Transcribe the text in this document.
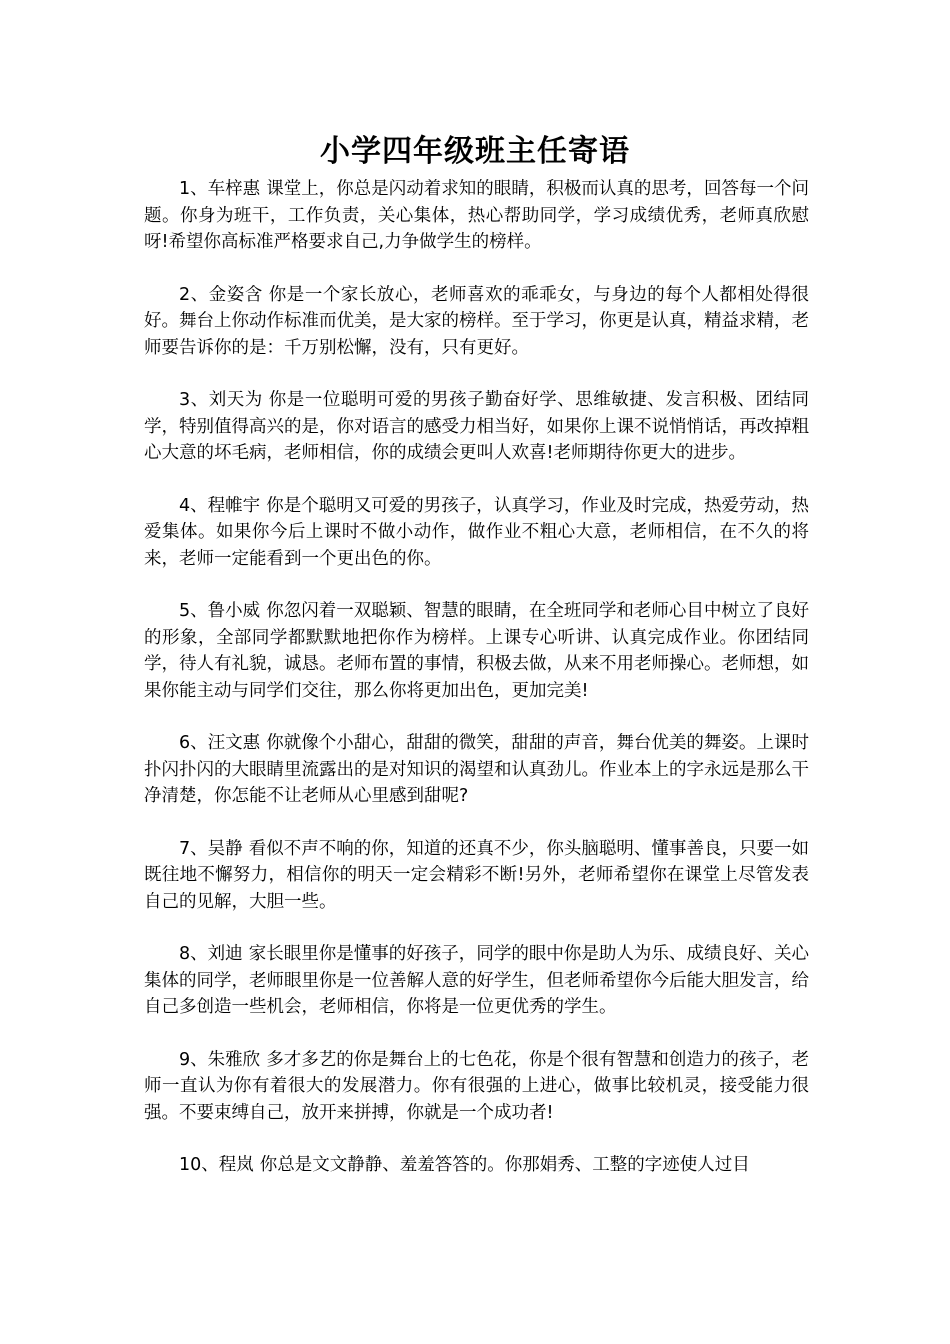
小学四年级班主任寄语

1、车梓惠 课堂上，你总是闪动着求知的眼睛，积极而认真的思考，回答每一个问题。你身为班干，工作负责，关心集体，热心帮助同学，学习成绩优秀，老师真欣慰呀!希望你高标准严格要求自己,力争做学生的榜样。

2、金姿含 你是一个家长放心，老师喜欢的乖乖女，与身边的每个人都相处得很好。舞台上你动作标准而优美，是大家的榜样。至于学习，你更是认真，精益求精，老师要告诉你的是：千万别松懈，没有，只有更好。

3、刘天为 你是一位聪明可爱的男孩子勤奋好学、思维敏捷、发言积极、团结同学，特别值得高兴的是，你对语言的感受力相当好，如果你上课不说悄悄话，再改掉粗心大意的坏毛病，老师相信，你的成绩会更叫人欢喜!老师期待你更大的进步。

4、程帷宇 你是个聪明又可爱的男孩子，认真学习，作业及时完成，热爱劳动，热爱集体。如果你今后上课时不做小动作，做作业不粗心大意，老师相信，在不久的将来，老师一定能看到一个更出色的你。

5、鲁小威 你忽闪着一双聪颖、智慧的眼睛，在全班同学和老师心目中树立了良好的形象，全部同学都默默地把你作为榜样。上课专心听讲、认真完成作业。你团结同学，待人有礼貌，诚恳。老师布置的事情，积极去做，从来不用老师操心。老师想，如果你能主动与同学们交往，那么你将更加出色，更加完美!

6、汪文惠 你就像个小甜心，甜甜的微笑，甜甜的声音，舞台优美的舞姿。上课时扑闪扑闪的大眼睛里流露出的是对知识的渴望和认真劲儿。作业本上的字永远是那么干净清楚，你怎能不让老师从心里感到甜呢?

7、吴静 看似不声不响的你，知道的还真不少，你头脑聪明、懂事善良，只要一如既往地不懈努力，相信你的明天一定会精彩不断!另外，老师希望你在课堂上尽管发表自己的见解，大胆一些。

8、刘迪 家长眼里你是懂事的好孩子，同学的眼中你是助人为乐、成绩良好、关心集体的同学，老师眼里你是一位善解人意的好学生，但老师希望你今后能大胆发言，给自己多创造一些机会，老师相信，你将是一位更优秀的学生。

9、朱雅欣 多才多艺的你是舞台上的七色花，你是个很有智慧和创造力的孩子，老师一直认为你有着很大的发展潜力。你有很强的上进心，做事比较机灵，接受能力很强。不要束缚自己，放开来拼搏，你就是一个成功者!

10、程岚 你总是文文静静、羞羞答答的。你那娟秀、工整的字迹使人过目
